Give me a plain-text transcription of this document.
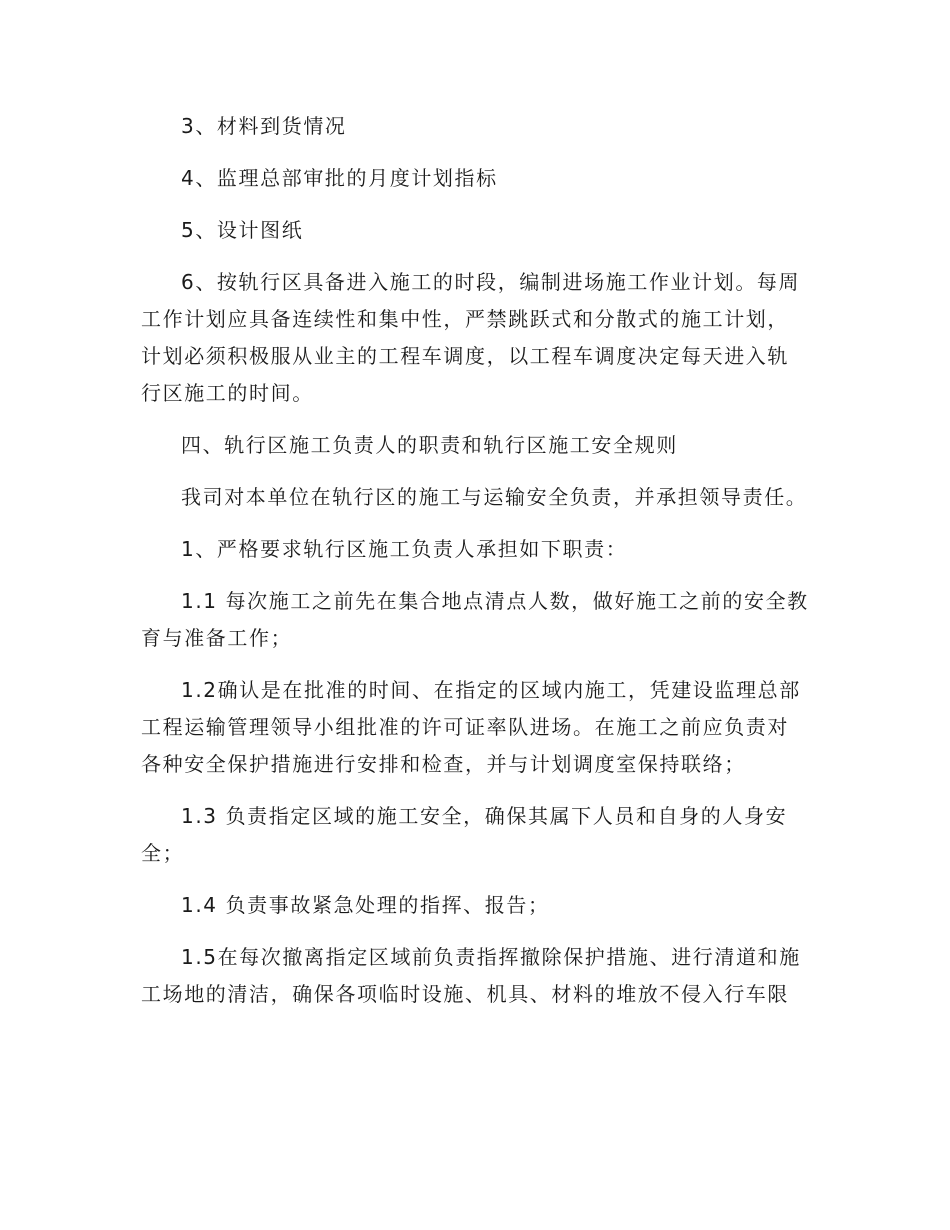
3、材料到货情况

4、监理总部审批的月度计划指标

5、设计图纸

6、按轨行区具备进入施工的时段，编制进场施工作业计划。每周工作计划应具备连续性和集中性，严禁跳跃式和分散式的施工计划，计划必须积极服从业主的工程车调度，以工程车调度决定每天进入轨行区施工的时间。

四、轨行区施工负责人的职责和轨行区施工安全规则

我司对本单位在轨行区的施工与运输安全负责，并承担领导责任。

1、严格要求轨行区施工负责人承担如下职责：

1.1 每次施工之前先在集合地点清点人数，做好施工之前的安全教育与准备工作；

1.2确认是在批准的时间、在指定的区域内施工，凭建设监理总部工程运输管理领导小组批准的许可证率队进场。在施工之前应负责对各种安全保护措施进行安排和检查，并与计划调度室保持联络；

1.3 负责指定区域的施工安全，确保其属下人员和自身的人身安全；

1.4 负责事故紧急处理的指挥、报告；

1.5在每次撤离指定区域前负责指挥撤除保护措施、进行清道和施工场地的清洁，确保各项临时设施、机具、材料的堆放不侵入行车限
